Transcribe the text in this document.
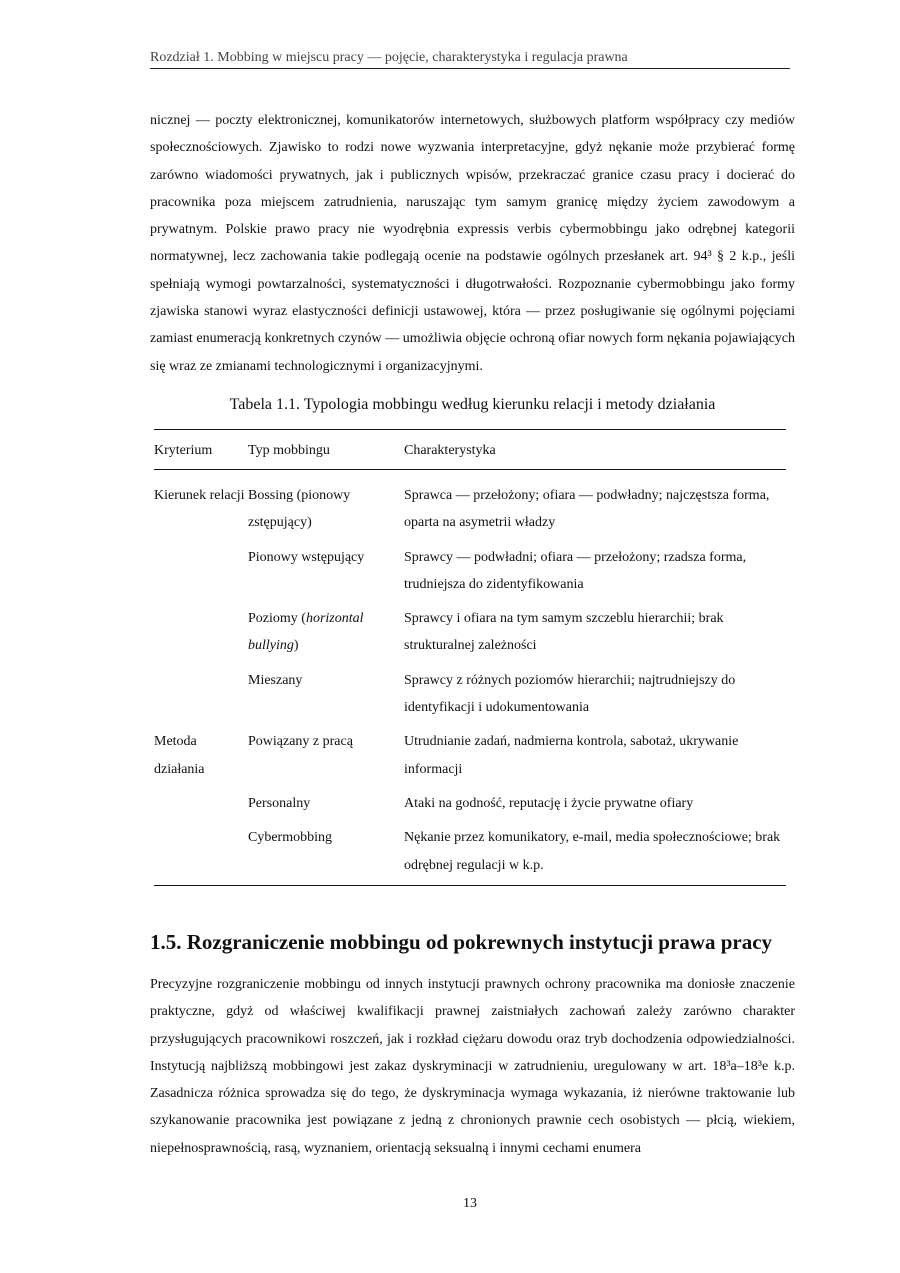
Rozdział 1. Mobbing w miejscu pracy — pojęcie, charakterystyka i regulacja prawna

nicznej — poczty elektronicznej, komunikatorów internetowych, służbowych platform współpracy czy mediów społecznościowych. Zjawisko to rodzi nowe wyzwania interpretacyjne, gdyż nękanie może przybierać formę zarówno wiadomości prywatnych, jak i publicznych wpisów, przekraczać granice czasu pracy i docierać do pracownika poza miejscem zatrudnienia, naruszając tym samym granicę między życiem zawodowym a prywatnym. Polskie prawo pracy nie wyodrębnia expressis verbis cybermobbingu jako odrębnej kategorii normatywnej, lecz zachowania takie podlegają ocenie na podstawie ogólnych przesłanek art. 94³ § 2 k.p., jeśli spełniają wymogi powtarzalności, systematyczności i długotrwałości. Rozpoznanie cybermobbingu jako formy zjawiska stanowi wyraz elastyczności definicji ustawowej, która — przez posługiwanie się ogólnymi pojęciami zamiast enumeracją konkretnych czynów — umożliwia objęcie ochroną ofiar nowych form nękania pojawiających się wraz ze zmianami technologicznymi i organizacyjnymi.

Tabela 1.1. Typologia mobbingu według kierunku relacji i metody działania
Kryterium	Typ mobbingu	Charakterystyka
Kierunek relacji	Bossing (pionowy zstępujący)	Sprawca — przełożony; ofiara — podwładny; najczęstsza forma, oparta na asymetrii władzy
	Pionowy wstępujący	Sprawcy — podwładni; ofiara — przełożony; rzadsza forma, trudniejsza do zidentyfikowania
	Poziomy (horizontal bullying)	Sprawcy i ofiara na tym samym szczeblu hierarchii; brak strukturalnej zależności
	Mieszany	Sprawcy z różnych poziomów hierarchii; najtrudniejszy do identyfikacji i udokumentowania
Metoda działania	Powiązany z pracą	Utrudnianie zadań, nadmierna kontrola, sabotaż, ukrywanie informacji
	Personalny	Ataki na godność, reputację i życie prywatne ofiary
	Cybermobbing	Nękanie przez komunikatory, e-mail, media społecznościowe; brak odrębnej regulacji w k.p.
1.5. Rozgraniczenie mobbingu od pokrewnych instytucji prawa pracy

Precyzyjne rozgraniczenie mobbingu od innych instytucji prawnych ochrony pracownika ma doniosłe znaczenie praktyczne, gdyż od właściwej kwalifikacji prawnej zaistniałych zachowań zależy zarówno charakter przysługujących pracownikowi roszczeń, jak i rozkład ciężaru dowodu oraz tryb dochodzenia odpowiedzialności. Instytucją najbliższą mobbingowi jest zakaz dyskryminacji w zatrudnieniu, uregulowany w art. 18³a–18³e k.p. Zasadnicza różnica sprowadza się do tego, że dyskryminacja wymaga wykazania, iż nierówne traktowanie lub szykanowanie pracownika jest powiązane z jedną z chronionych prawnie cech osobistych — płcią, wiekiem, niepełnosprawnością, rasą, wyznaniem, orientacją seksualną i innymi cechami enumera

13
